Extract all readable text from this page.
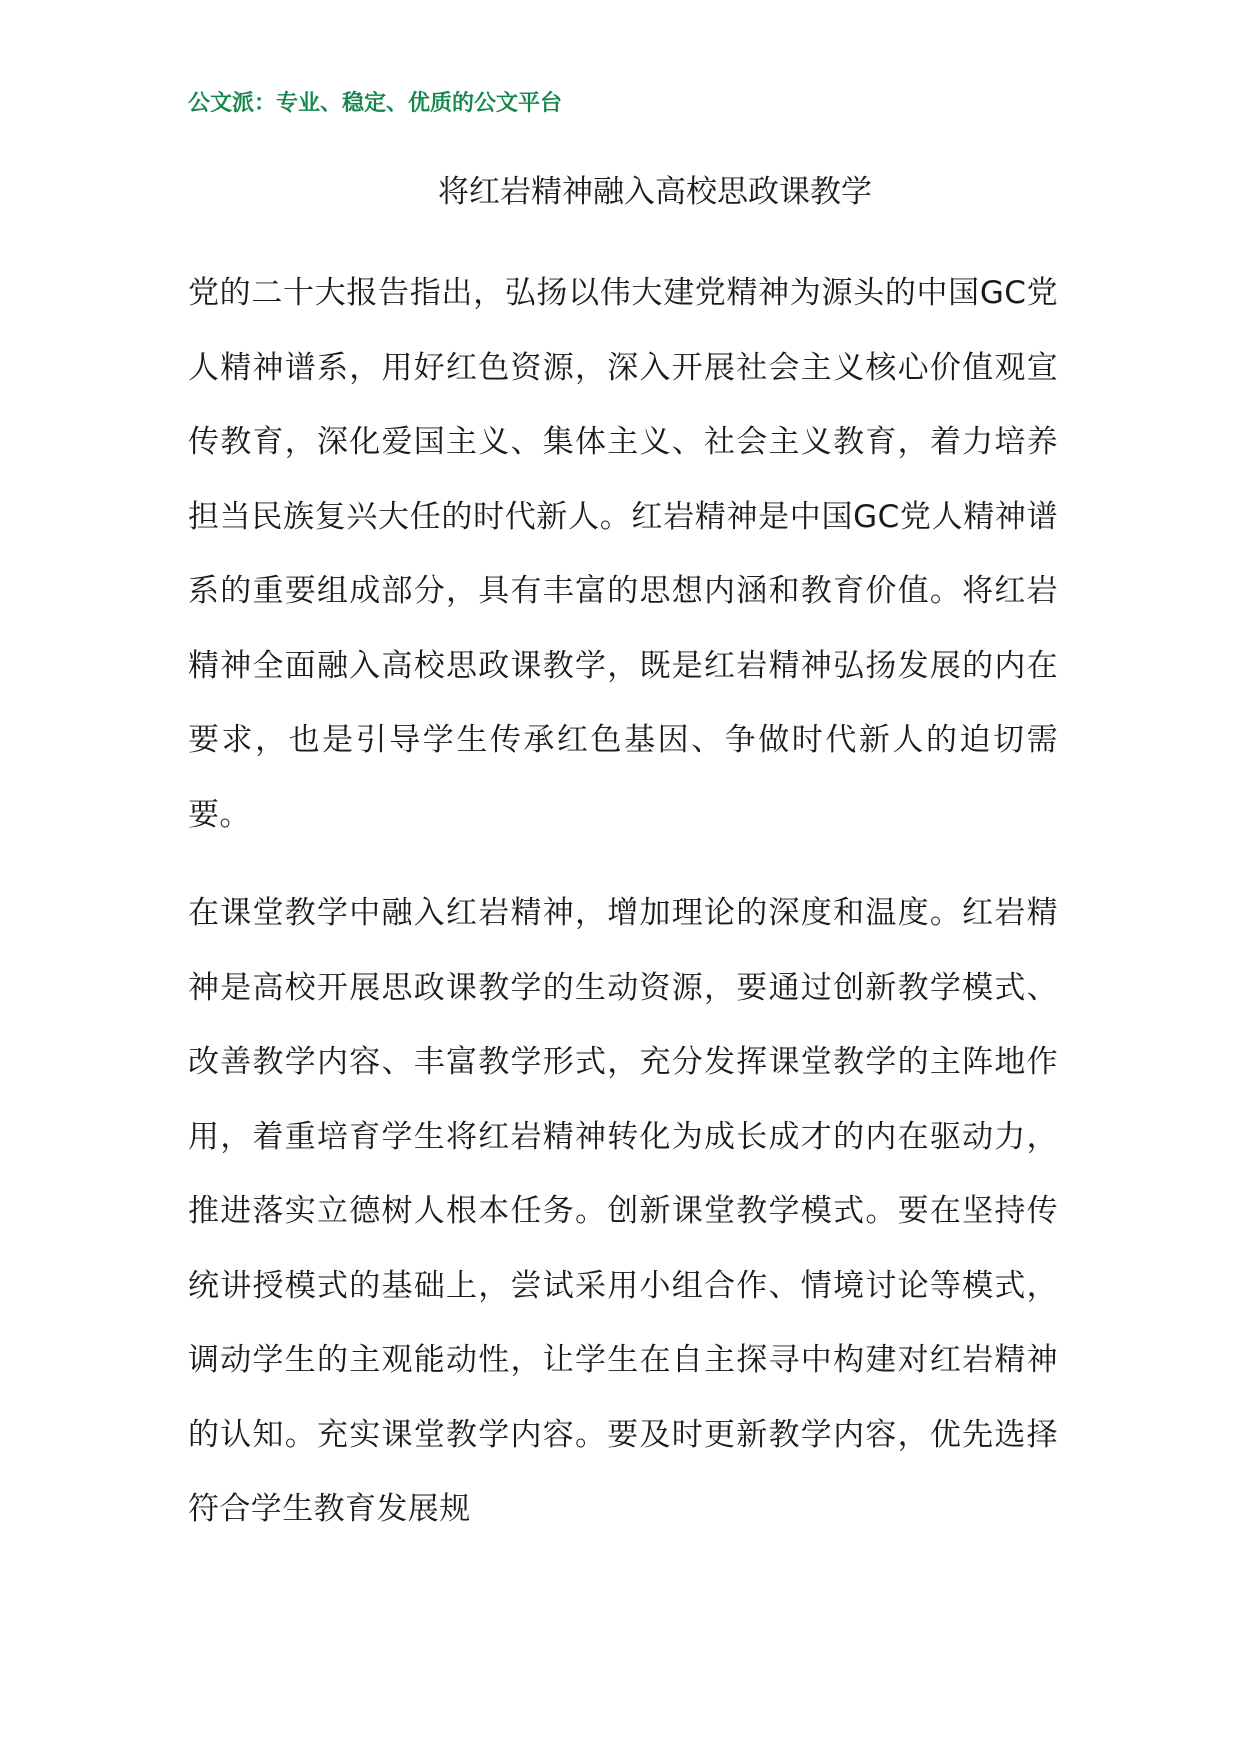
公文派：专业、稳定、优质的公文平台
将红岩精神融入高校思政课教学

党的二十大报告指出，弘扬以伟大建党精神为源头的中国GC党人精神谱系，用好红色资源，深入开展社会主义核心价值观宣传教育，深化爱国主义、集体主义、社会主义教育，着力培养担当民族复兴大任的时代新人。红岩精神是中国GC党人精神谱系的重要组成部分，具有丰富的思想内涵和教育价值。将红岩精神全面融入高校思政课教学，既是红岩精神弘扬发展的内在要求，也是引导学生传承红色基因、争做时代新人的迫切需要。

在课堂教学中融入红岩精神，增加理论的深度和温度。红岩精神是高校开展思政课教学的生动资源，要通过创新教学模式、改善教学内容、丰富教学形式，充分发挥课堂教学的主阵地作用，着重培育学生将红岩精神转化为成长成才的内在驱动力，推进落实立德树人根本任务。创新课堂教学模式。要在坚持传统讲授模式的基础上，尝试采用小组合作、情境讨论等模式，调动学生的主观能动性，让学生在自主探寻中构建对红岩精神的认知。充实课堂教学内容。要及时更新教学内容，优先选择符合学生教育发展规
